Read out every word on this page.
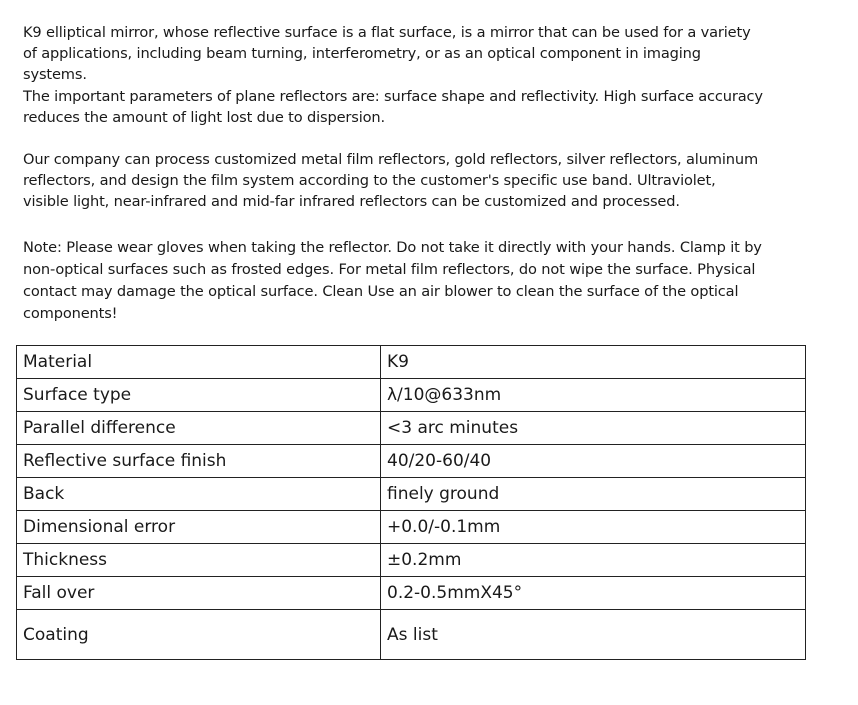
K9 elliptical mirror, whose reflective surface is a flat surface, is a mirror that can be used for a variety of applications, including beam turning, interferometry, or as an optical component in imaging systems.

The important parameters of plane reflectors are: surface shape and reflectivity. High surface accuracy reduces the amount of light lost due to dispersion.

Our company can process customized metal film reflectors, gold reflectors, silver reflectors, aluminum reflectors, and design the film system according to the customer's specific use band. Ultraviolet, visible light, near-infrared and mid-far infrared reflectors can be customized and processed.

Note: Please wear gloves when taking the reflector. Do not take it directly with your hands. Clamp it by non-optical surfaces such as frosted edges. For metal film reflectors, do not wipe the surface. Physical contact may damage the optical surface. Clean Use an air blower to clean the surface of the optical components!

Material	K9
Surface type	λ/10@633nm
Parallel difference	<3 arc minutes
Reflective surface finish	40/20-60/40
Back	finely ground
Dimensional error	+0.0/-0.1mm
Thickness	±0.2mm
Fall over	0.2-0.5mmX45°
Coating	As list
